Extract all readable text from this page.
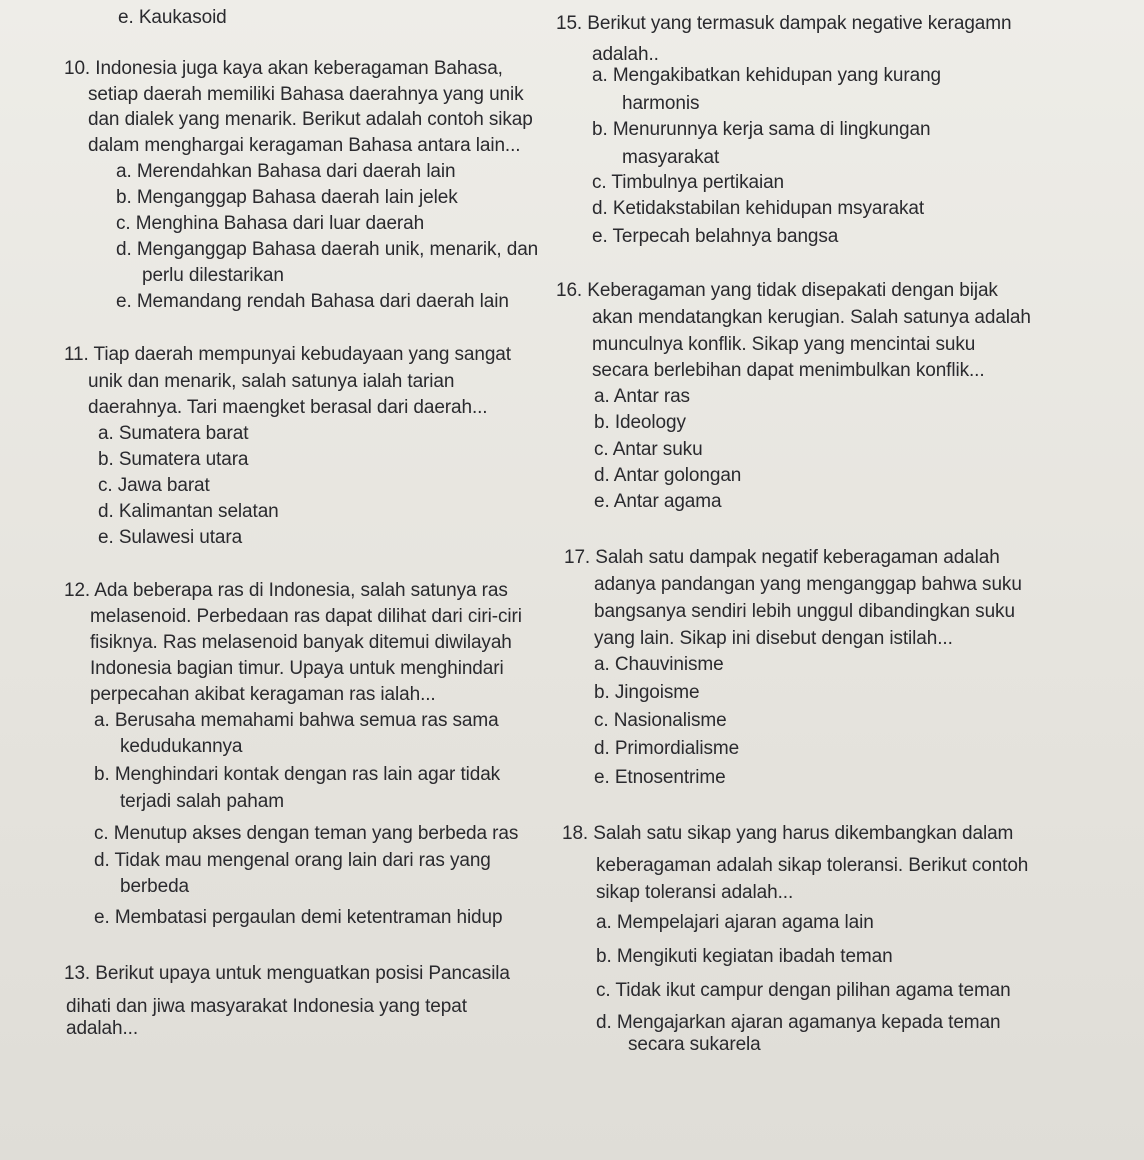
e. Kaukasoid
10. Indonesia juga kaya akan keberagaman Bahasa,
setiap daerah memiliki Bahasa daerahnya yang unik
dan dialek yang menarik. Berikut adalah contoh sikap
dalam menghargai keragaman Bahasa antara lain...
a. Merendahkan Bahasa dari daerah lain
b. Menganggap Bahasa daerah lain jelek
c. Menghina Bahasa dari luar daerah
d. Menganggap Bahasa daerah unik, menarik, dan
perlu dilestarikan
e. Memandang rendah Bahasa dari daerah lain
11. Tiap daerah mempunyai kebudayaan yang sangat
unik dan menarik, salah satunya ialah tarian
daerahnya. Tari maengket berasal dari daerah...
a. Sumatera barat
b. Sumatera utara
c. Jawa barat
d. Kalimantan selatan
e. Sulawesi utara
12. Ada beberapa ras di Indonesia, salah satunya ras
melasenoid. Perbedaan ras dapat dilihat dari ciri-ciri
fisiknya. Ras melasenoid banyak ditemui diwilayah
Indonesia bagian timur. Upaya untuk menghindari
perpecahan akibat keragaman ras ialah...
a. Berusaha memahami bahwa semua ras sama
kedudukannya
b. Menghindari kontak dengan ras lain agar tidak
terjadi salah paham
c. Menutup akses dengan teman yang berbeda ras
d. Tidak mau mengenal orang lain dari ras yang
berbeda
e. Membatasi pergaulan demi ketentraman hidup
13. Berikut upaya untuk menguatkan posisi Pancasila
dihati dan jiwa masyarakat Indonesia yang tepat
adalah...
15. Berikut yang termasuk dampak negative keragamn
adalah..
a. Mengakibatkan kehidupan yang kurang
harmonis
b. Menurunnya kerja sama di lingkungan
masyarakat
c. Timbulnya pertikaian
d. Ketidakstabilan kehidupan msyarakat
e. Terpecah belahnya bangsa
16. Keberagaman yang tidak disepakati dengan bijak
akan mendatangkan kerugian. Salah satunya adalah
munculnya konflik. Sikap yang mencintai suku
secara berlebihan dapat menimbulkan konflik...
a. Antar ras
b. Ideology
c. Antar suku
d. Antar golongan
e. Antar agama
17. Salah satu dampak negatif keberagaman adalah
adanya pandangan yang menganggap bahwa suku
bangsanya sendiri lebih unggul dibandingkan suku
yang lain. Sikap ini disebut dengan istilah...
a. Chauvinisme
b. Jingoisme
c. Nasionalisme
d. Primordialisme
e. Etnosentrime
18. Salah satu sikap yang harus dikembangkan dalam
keberagaman adalah sikap toleransi. Berikut contoh
sikap toleransi adalah...
a. Mempelajari ajaran agama lain
b. Mengikuti kegiatan ibadah teman
c. Tidak ikut campur dengan pilihan agama teman
d. Mengajarkan ajaran agamanya kepada teman
secara sukarela
